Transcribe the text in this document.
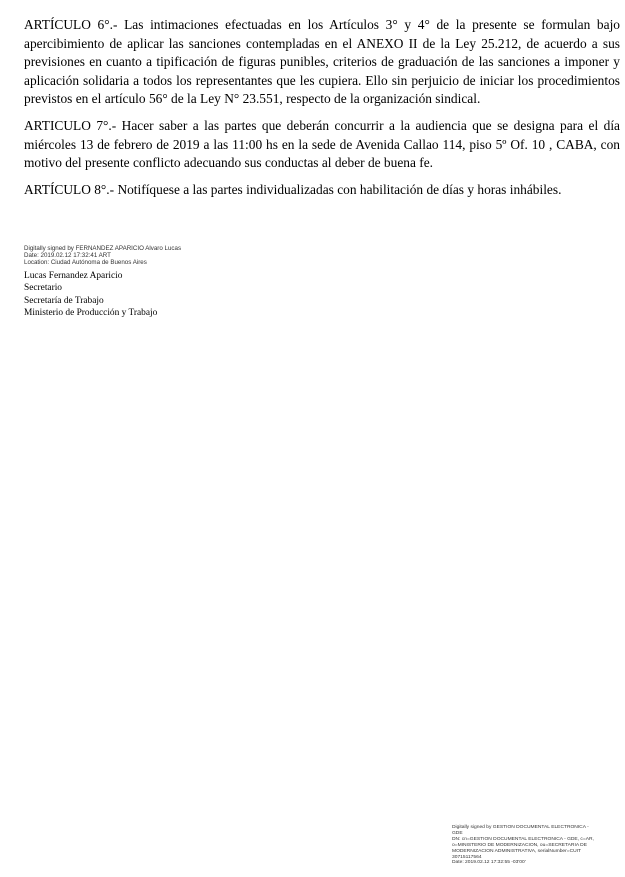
ARTÍCULO 6°.- Las intimaciones efectuadas en los Artículos 3° y 4° de la presente se formulan bajo apercibimiento de aplicar las sanciones contempladas en el ANEXO II de la Ley 25.212, de acuerdo a sus previsiones en cuanto a tipificación de figuras punibles, criterios de graduación de las sanciones a imponer y aplicación solidaria a todos los representantes que les cupiera. Ello sin perjuicio de iniciar los procedimientos previstos en el artículo 56° de la Ley N° 23.551, respecto de la organización sindical.

ARTICULO 7°.- Hacer saber a las partes que deberán concurrir a la audiencia que se designa para el día miércoles 13 de febrero de 2019 a las 11:00 hs en la sede de Avenida Callao 114, piso 5º Of. 10 , CABA, con motivo del presente conflicto adecuando sus conductas al deber de buena fe.

ARTÍCULO 8°.- Notifíquese a las partes individualizadas con habilitación de días y horas inhábiles.

Digitally signed by FERNANDEZ APARICIO Alvaro Lucas
Date: 2019.02.12 17:32:41 ART
Location: Ciudad Autónoma de Buenos Aires
Lucas Fernandez Aparicio
Secretario
Secretaría de Trabajo
Ministerio de Producción y Trabajo
Digitally signed by GESTION DOCUMENTAL ELECTRONICA -
GDE
DN: cn=GESTION DOCUMENTAL ELECTRONICA - GDE, c=AR,
o=MINISTERIO DE MODERNIZACION, ou=SECRETARIA DE
MODERNIZACION ADMINISTRATIVA, serialNumber=CUIT
30715117564
Date: 2019.02.12 17:32:55 -03'00'
